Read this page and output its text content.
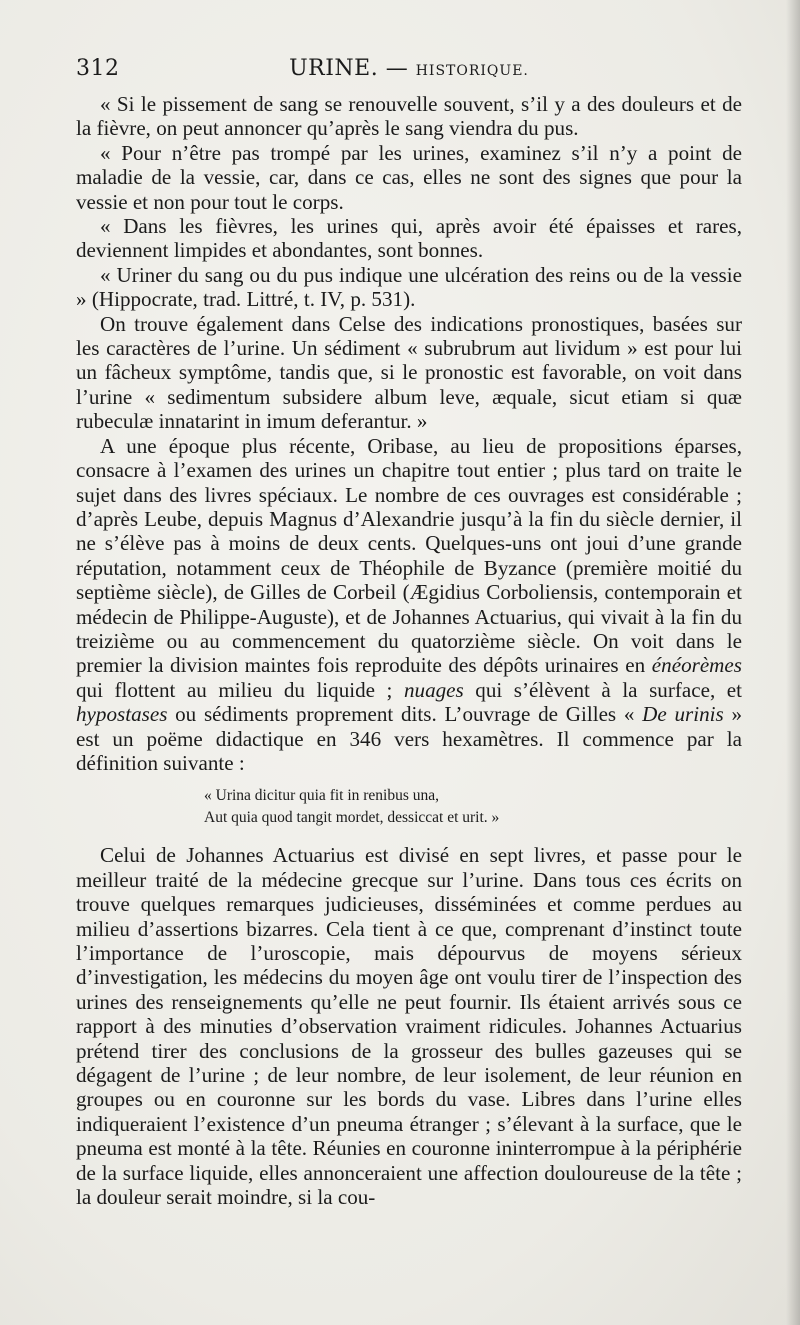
312	URINE. — HISTORIQUE.

« Si le pissement de sang se renouvelle souvent, s’il y a des douleurs et de la fièvre, on peut annoncer qu’après le sang viendra du pus.

« Pour n’être pas trompé par les urines, examinez s’il n’y a point de maladie de la vessie, car, dans ce cas, elles ne sont des signes que pour la vessie et non pour tout le corps.

« Dans les fièvres, les urines qui, après avoir été épaisses et rares, deviennent limpides et abondantes, sont bonnes.

« Uriner du sang ou du pus indique une ulcération des reins ou de la vessie » (Hippocrate, trad. Littré, t. IV, p. 531).

On trouve également dans Celse des indications pronostiques, basées sur les caractères de l’urine. Un sédiment « subrubrum aut lividum » est pour lui un fâcheux symptôme, tandis que, si le pronostic est favorable, on voit dans l’urine « sedimentum subsidere album leve, æquale, sicut etiam si quæ rubeculæ innatarint in imum deferantur. »

A une époque plus récente, Oribase, au lieu de propositions éparses, consacre à l’examen des urines un chapitre tout entier ; plus tard on traite le sujet dans des livres spéciaux. Le nombre de ces ouvrages est considérable ; d’après Leube, depuis Magnus d’Alexandrie jusqu’à la fin du siècle dernier, il ne s’élève pas à moins de deux cents. Quelques-uns ont joui d’une grande réputation, notamment ceux de Théophile de Byzance (première moitié du septième siècle), de Gilles de Corbeil (Ægidius Corboliensis, contemporain et médecin de Philippe-Auguste), et de Johannes Actuarius, qui vivait à la fin du treizième ou au commencement du quatorzième siècle. On voit dans le premier la division maintes fois reproduite des dépôts urinaires en énéorèmes qui flottent au milieu du liquide ; nuages qui s’élèvent à la surface, et hypostases ou sédiments proprement dits. L’ouvrage de Gilles « De urinis » est un poëme didactique en 346 vers hexamètres. Il commence par la définition suivante :

« Urina dicitur quia fit in renibus una,
Aut quia quod tangit mordet, dessiccat et urit. »

Celui de Johannes Actuarius est divisé en sept livres, et passe pour le meilleur traité de la médecine grecque sur l’urine. Dans tous ces écrits on trouve quelques remarques judicieuses, disséminées et comme perdues au milieu d’assertions bizarres. Cela tient à ce que, comprenant d’instinct toute l’importance de l’uroscopie, mais dépourvus de moyens sérieux d’investigation, les médecins du moyen âge ont voulu tirer de l’inspection des urines des renseignements qu’elle ne peut fournir. Ils étaient arrivés sous ce rapport à des minuties d’observation vraiment ridicules. Johannes Actuarius prétend tirer des conclusions de la grosseur des bulles gazeuses qui se dégagent de l’urine ; de leur nombre, de leur isolement, de leur réunion en groupes ou en couronne sur les bords du vase. Libres dans l’urine elles indiqueraient l’existence d’un pneuma étranger ; s’élevant à la surface, que le pneuma est monté à la tête. Réunies en couronne ininterrompue à la périphérie de la surface liquide, elles annonceraient une affection douloureuse de la tête ; la douleur serait moindre, si la cou-
